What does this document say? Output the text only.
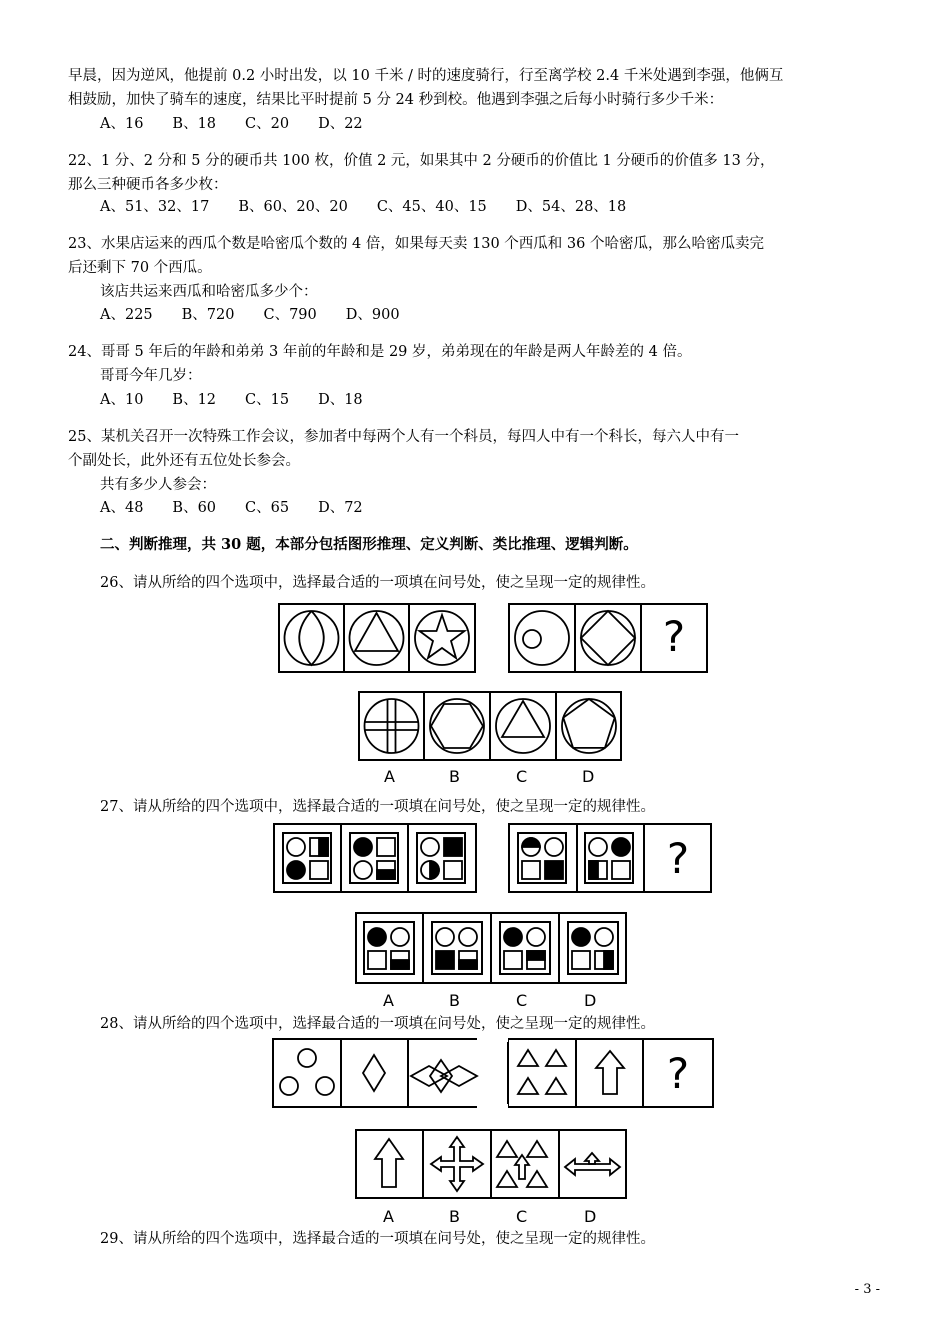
早晨，因为逆风，他提前 0.2 小时出发，以 10 千米 / 时的速度骑行，行至离学校 2.4 千米处遇到李强，他俩互
相鼓励，加快了骑车的速度，结果比平时提前 5 分 24 秒到校。他遇到李强之后每小时骑行多少千米：
A、16　　B、18　　C、20　　D、22
22、1 分、2 分和 5 分的硬币共 100 枚，价值 2 元，如果其中 2 分硬币的价值比 1 分硬币的价值多 13 分，
那么三种硬币各多少枚：
A、51、32、17　　B、60、20、20　　C、45、40、15　　D、54、28、18
23、水果店运来的西瓜个数是哈密瓜个数的 4 倍，如果每天卖 130 个西瓜和 36 个哈密瓜，那么哈密瓜卖完
后还剩下 70 个西瓜。
该店共运来西瓜和哈密瓜多少个：
A、225　　B、720　　C、790　　D、900
24、哥哥 5 年后的年龄和弟弟 3 年前的年龄和是 29 岁，弟弟现在的年龄是两人年龄差的 4 倍。
哥哥今年几岁：
A、10　　B、12　　C、15　　D、18
25、某机关召开一次特殊工作会议，参加者中每两个人有一个科员，每四人中有一个科长，每六人中有一
个副处长，此外还有五位处长参会。
共有多少人参会：
A、48　　B、60　　C、65　　D、72
二、判断推理，共 30 题，本部分包括图形推理、定义判断、类比推理、逻辑判断。
26、请从所给的四个选项中，选择最合适的一项填在问号处，使之呈现一定的规律性。
?
A	B	C	D
27、请从所给的四个选项中，选择最合适的一项填在问号处，使之呈现一定的规律性。
?
A	B	C	D
28、请从所给的四个选项中，选择最合适的一项填在问号处，使之呈现一定的规律性。
?
A	B	C	D
29、请从所给的四个选项中，选择最合适的一项填在问号处，使之呈现一定的规律性。
- 3 -
